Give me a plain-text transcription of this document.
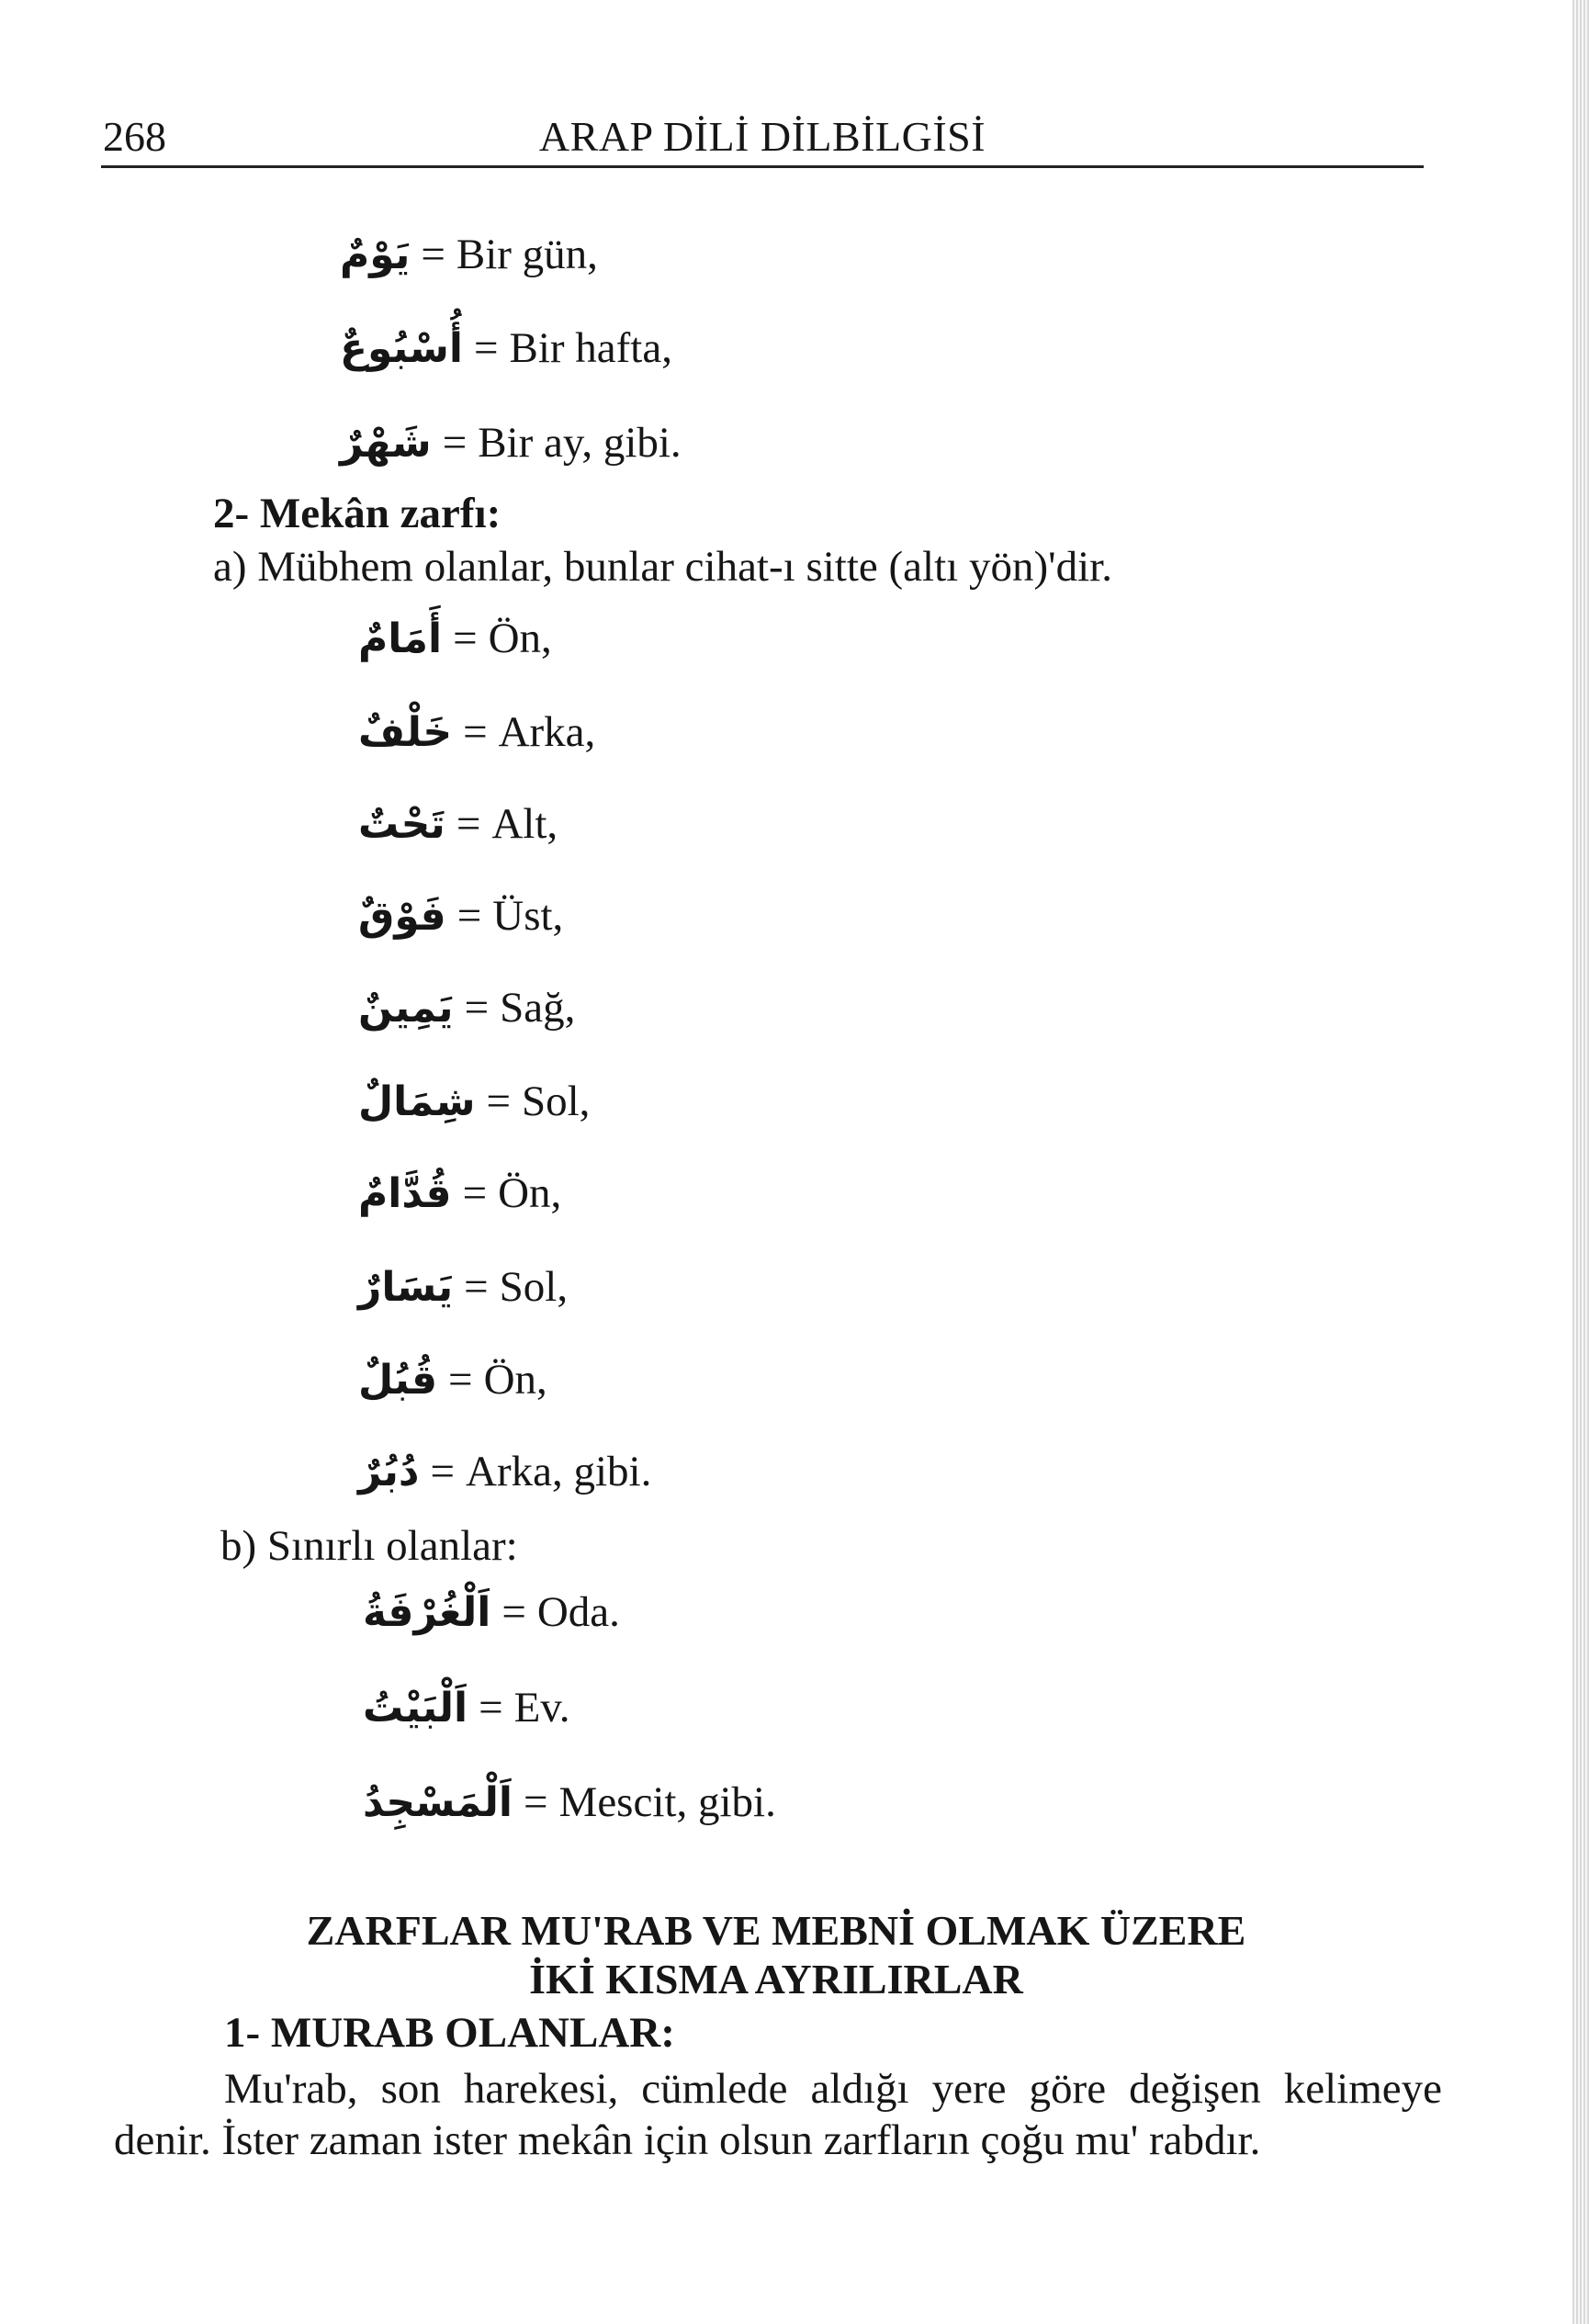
268	ARAP DİLİ DİLBİLGİSİ
يَوْمٌ = Bir gün,
أُسْبُوعٌ = Bir hafta,
شَهْرٌ = Bir ay, gibi.
2- Mekân zarfı:
a) Mübhem olanlar, bunlar cihat-ı sitte (altı yön)'dir.
أَمَامٌ = Ön,
خَلْفٌ = Arka,
تَحْتٌ = Alt,
فَوْقٌ = Üst,
يَمِينٌ = Sağ,
شِمَالٌ = Sol,
قُدَّامٌ = Ön,
يَسَارٌ = Sol,
قُبُلٌ = Ön,
دُبُرٌ = Arka, gibi.
b) Sınırlı olanlar:
اَلْغُرْفَةُ = Oda.
اَلْبَيْتُ = Ev.
اَلْمَسْجِدُ = Mescit, gibi.
ZARFLAR MU'RAB VE MEBNİ OLMAK ÜZERE
İKİ KISMA AYRILIRLAR
1- MURAB OLANLAR:
Mu'rab, son harekesi, cümlede aldığı yere göre değişen kelimeye denir. İster zaman ister mekân için olsun zarfların çoğu mu' rabdır.
